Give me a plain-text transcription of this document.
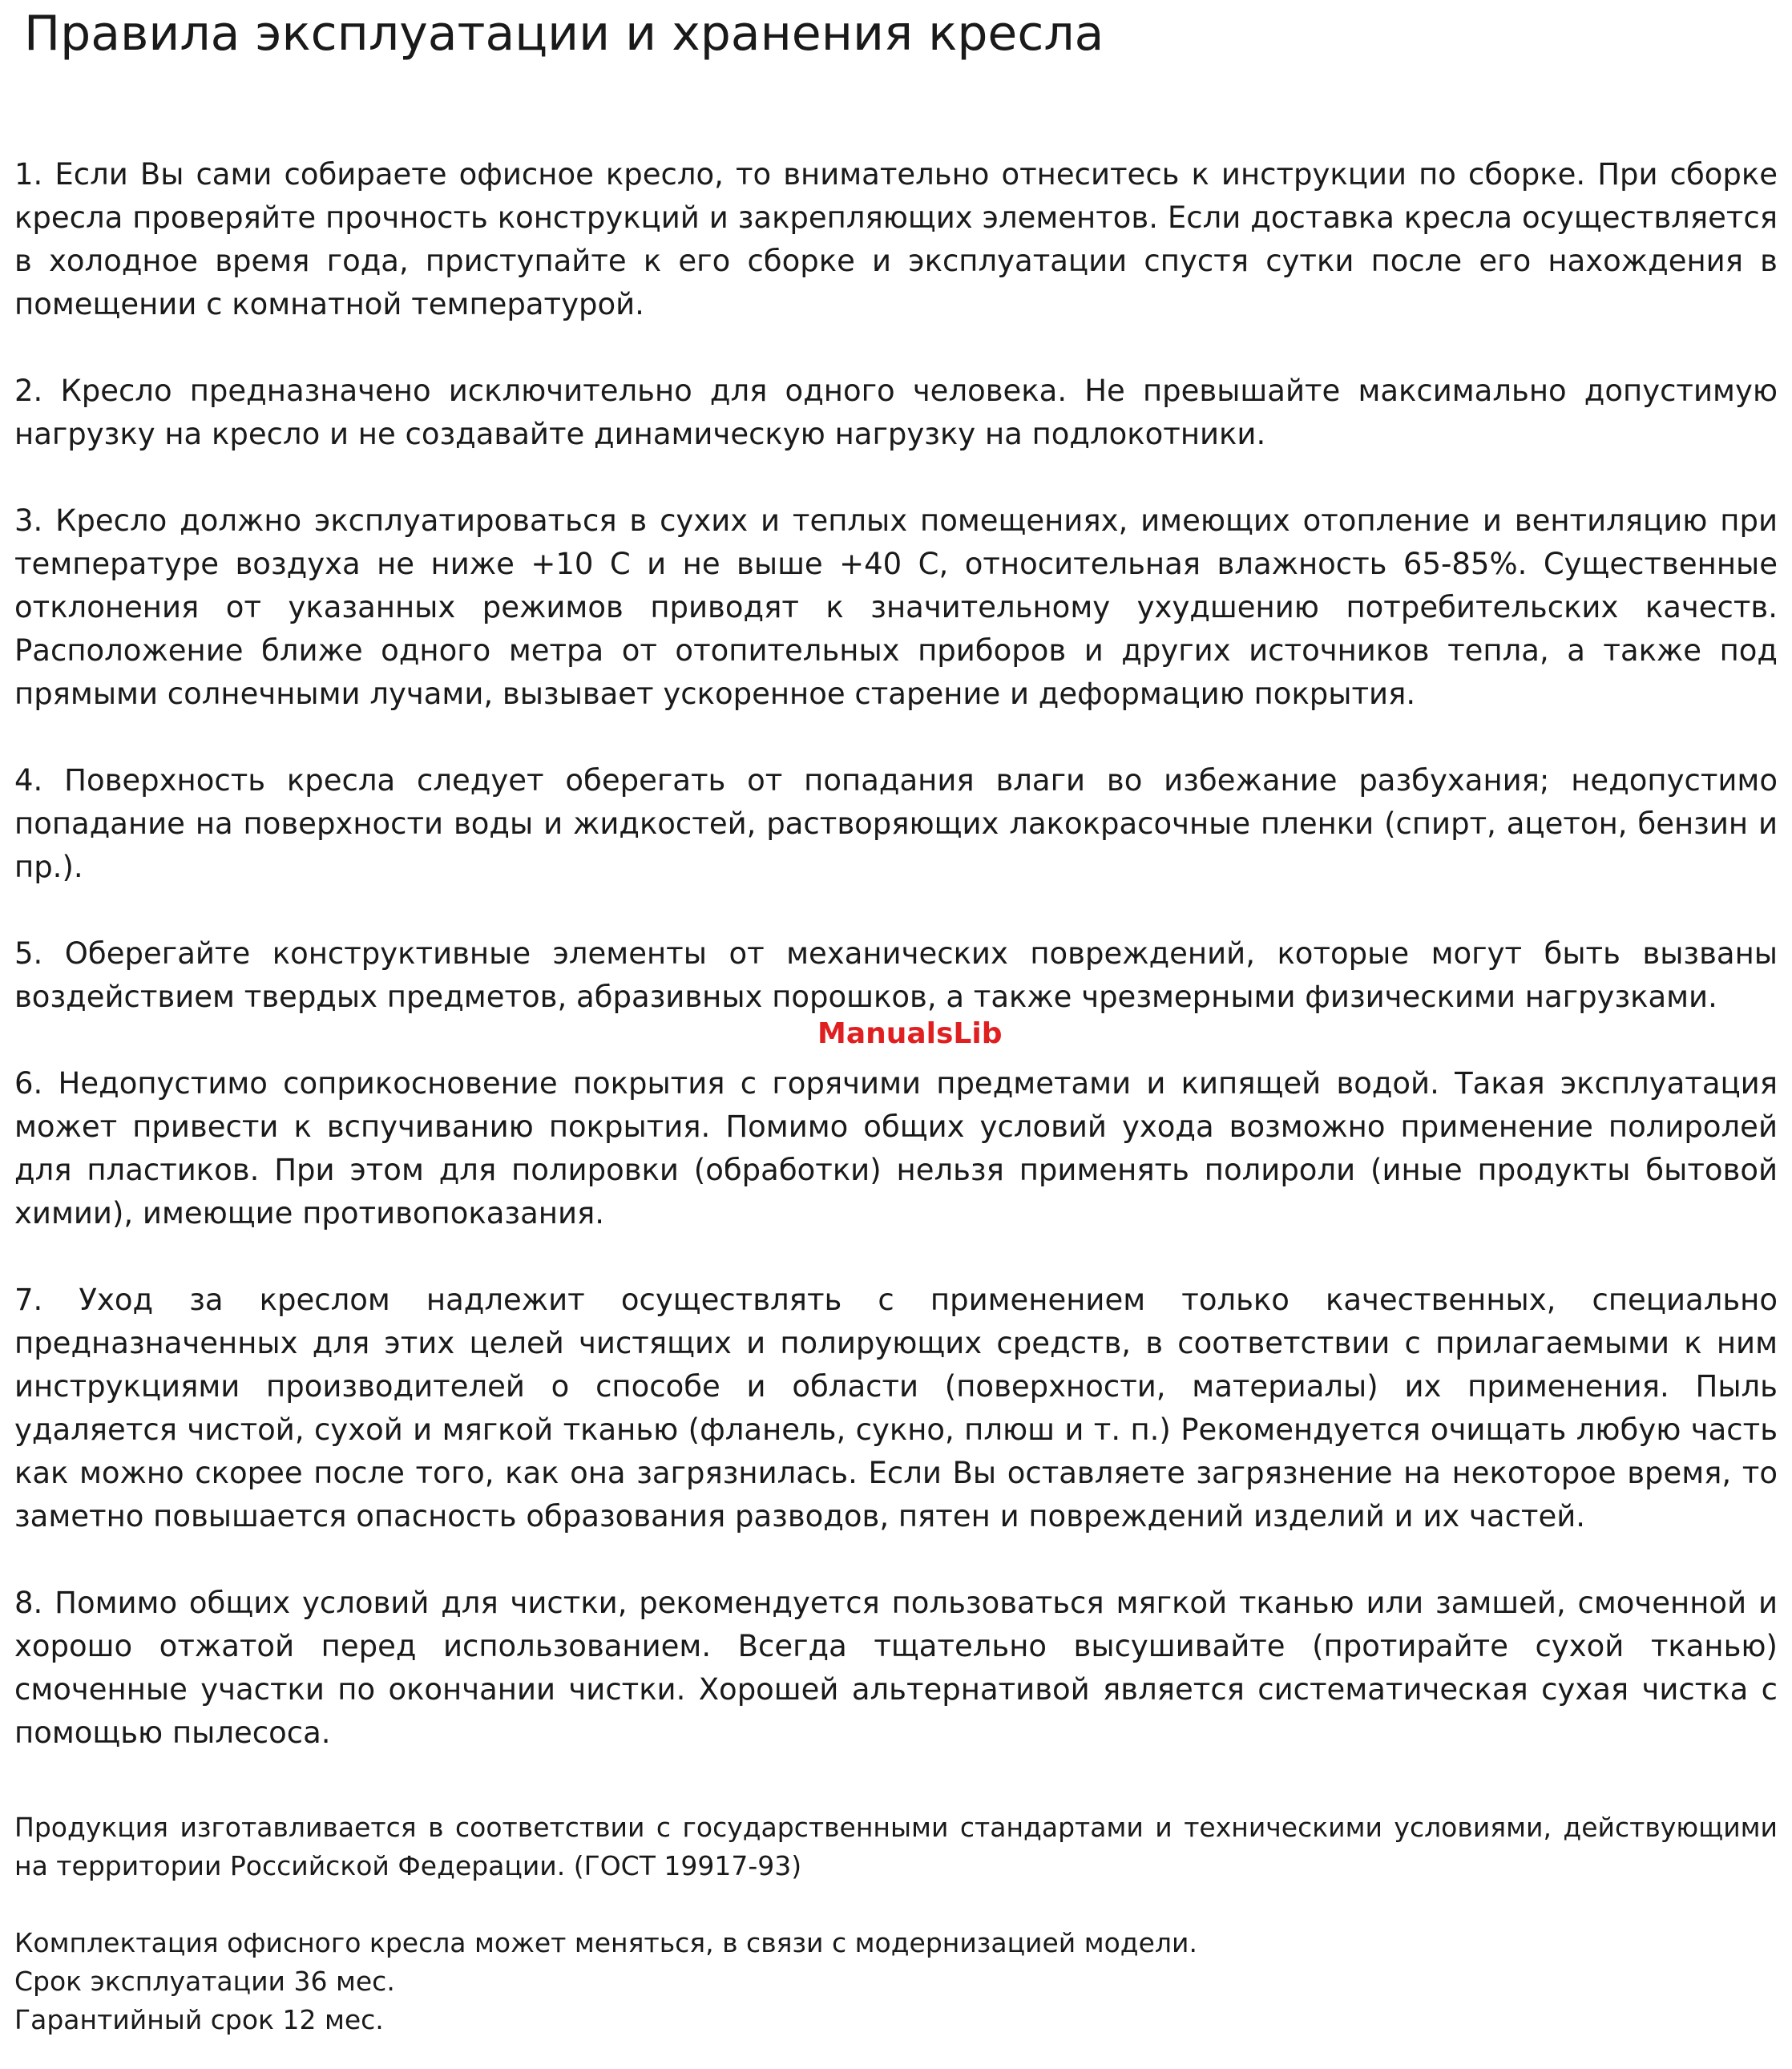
Правила эксплуатации и хранения кресла

1. Если Вы сами собираете офисное кресло, то внимательно отнеситесь к инструкции по сборке. При сборке кресла проверяйте прочность конструкций и закрепляющих элементов. Если доставка кресла осуществляется в холодное время года, приступайте к его сборке и эксплуатации спустя сутки после его нахождения в помещении с комнатной температурой.

2. Кресло предназначено исключительно для одного человека. Не превышайте максимально допустимую нагрузку на кресло и не создавайте динамическую нагрузку на подлокотники.

3. Кресло должно эксплуатироваться в сухих и теплых помещениях, имеющих отопление и вентиляцию при температуре воздуха не ниже +10 С и не выше +40 С, относительная влажность 65-85%. Существенные отклонения от указанных режимов приводят к значительному ухудшению потребительских качеств. Расположение ближе одного метра от отопительных приборов и других источников тепла, а также под прямыми солнечными лучами, вызывает ускоренное старение и деформацию покрытия.

4. Поверхность кресла следует оберегать от попадания влаги во избежание разбухания; недопустимо попадание на поверхности воды и жидкостей, растворяющих лакокрасочные пленки (спирт, ацетон, бензин и пр.).

5. Оберегайте конструктивные элементы от механических повреждений, которые могут быть вызваны воздействием твердых предметов, абразивных порошков, а также чрезмерными физическими нагрузками.

6. Недопустимо соприкосновение покрытия с горячими предметами и кипящей водой. Такая эксплуатация может привести к вспучиванию покрытия. Помимо общих условий ухода возможно применение полиролей для пластиков. При этом для полировки (обработки) нельзя применять полироли (иные продукты бытовой химии), имеющие противопоказания.

7. Уход за креслом надлежит осуществлять с применением только качественных, специально предназначенных для этих целей чистящих и полирующих средств, в соответствии с прилагаемыми к ним инструкциями производителей о способе и области (поверхности, материалы) их применения. Пыль удаляется чистой, сухой и мягкой тканью (фланель, сукно, плюш и т. п.) Рекомендуется очищать любую часть как можно скорее после того, как она загрязнилась. Если Вы оставляете загрязнение на некоторое время, то заметно повышается опасность образования разводов, пятен и повреждений изделий и их частей.

8. Помимо общих условий для чистки, рекомендуется пользоваться мягкой тканью или замшей, смоченной и хорошо отжатой перед использованием. Всегда тщательно высушивайте (протирайте сухой тканью) смоченные участки по окончании чистки. Хорошей альтернативой является систематическая сухая чистка с помощью пылесоса.

Продукция изготавливается в соответствии с государственными стандартами и техническими условиями, действующими на территории Российской Федерации. (ГОСТ 19917-93)

Комплектация офисного кресла может меняться, в связи с модернизацией модели.

Срок эксплуатации 36 мес.

Гарантийный срок 12 мес.

ManualsLib
